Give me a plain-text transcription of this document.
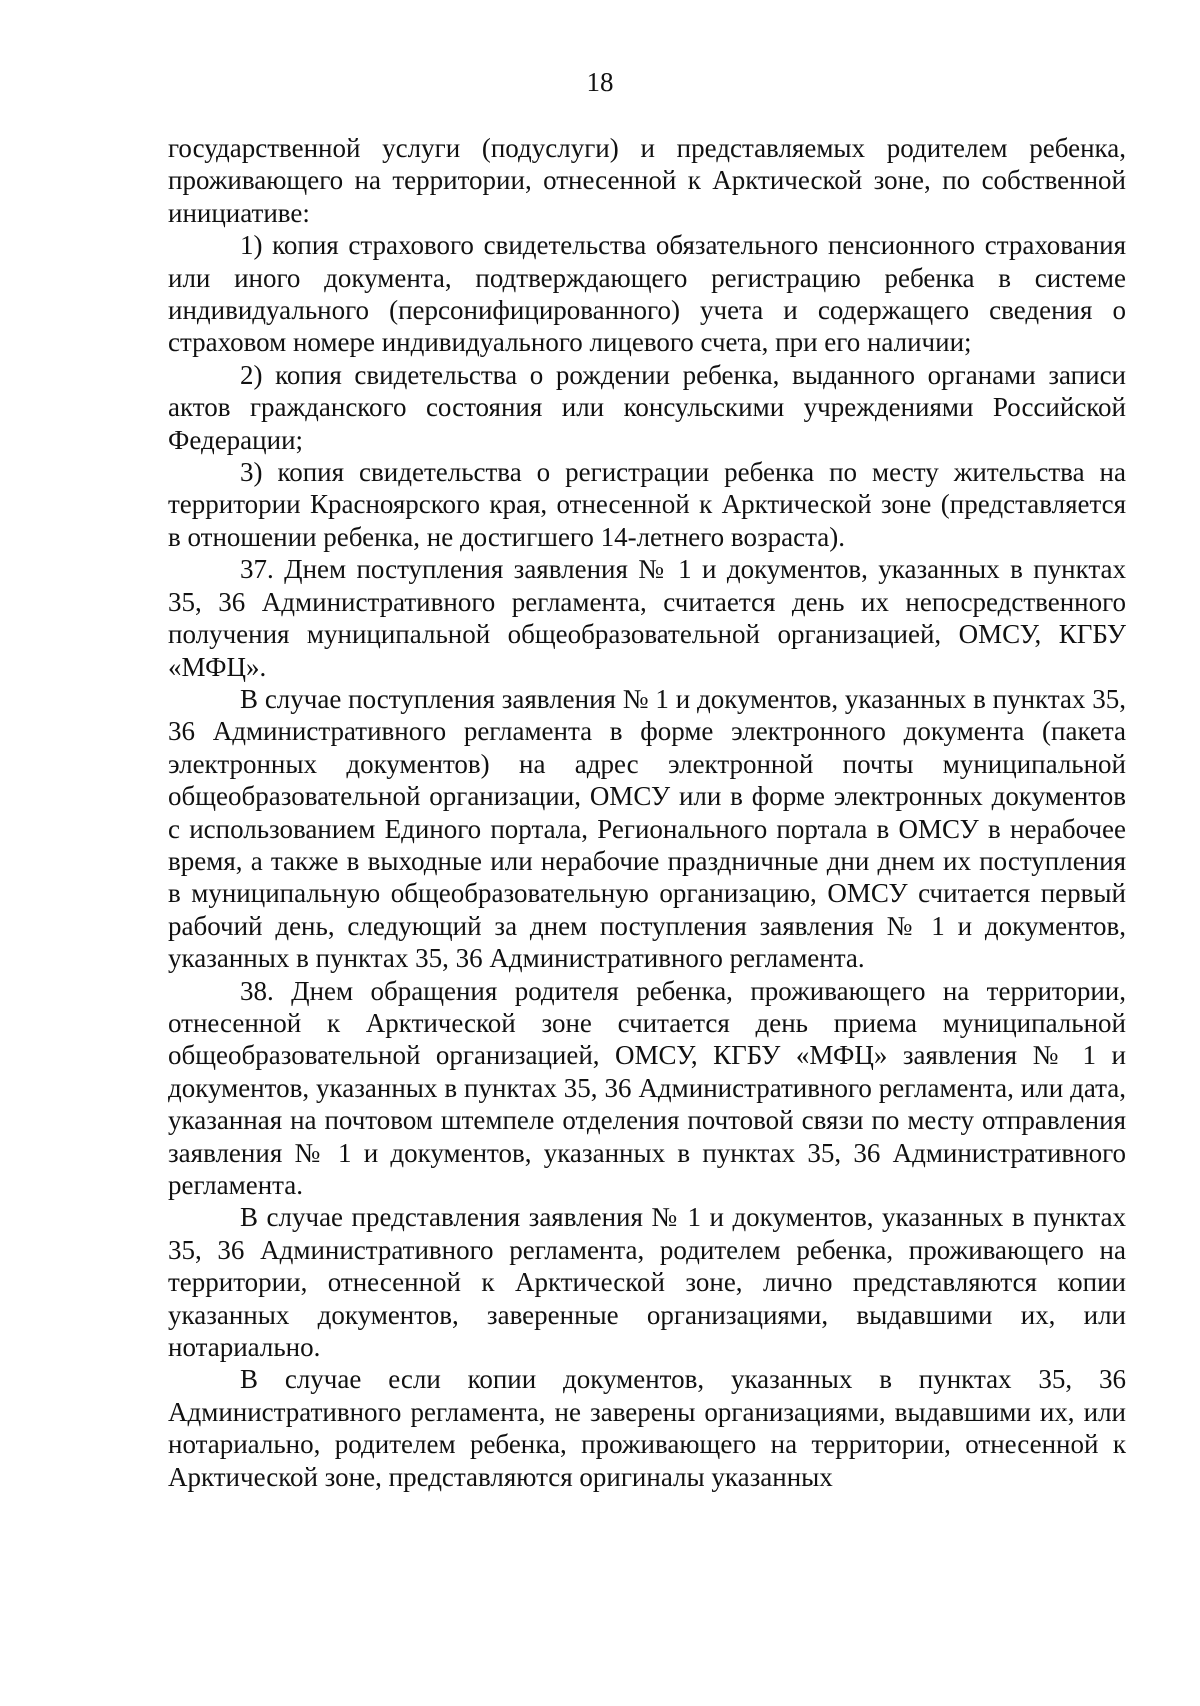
18

государственной услуги (подуслуги) и представляемых родителем ребенка, проживающего на территории, отнесенной к Арктической зоне, по собственной инициативе:

1) копия страхового свидетельства обязательного пенсионного страхования или иного документа, подтверждающего регистрацию ребенка в системе индивидуального (персонифицированного) учета и содержащего сведения о страховом номере индивидуального лицевого счета, при его наличии;

2) копия свидетельства о рождении ребенка, выданного органами записи актов гражданского состояния или консульскими учреждениями Российской Федерации;

3) копия свидетельства о регистрации ребенка по месту жительства на территории Красноярского края, отнесенной к Арктической зоне (представляется в отношении ребенка, не достигшего 14-летнего возраста).

37. Днем поступления заявления № 1 и документов, указанных в пунктах 35, 36 Административного регламента, считается день их непосредственного получения муниципальной общеобразовательной организацией, ОМСУ, КГБУ «МФЦ».

В случае поступления заявления № 1 и документов, указанных в пунктах 35, 36 Административного регламента в форме электронного документа (пакета электронных документов) на адрес электронной почты муниципальной общеобразовательной организации, ОМСУ или в форме электронных документов с использованием Единого портала, Регионального портала в ОМСУ в нерабочее время, а также в выходные или нерабочие праздничные дни днем их поступления в муниципальную общеобразовательную организацию, ОМСУ считается первый рабочий день, следующий за днем поступления заявления № 1 и документов, указанных в пунктах 35, 36 Административного регламента.

38. Днем обращения родителя ребенка, проживающего на территории, отнесенной к Арктической зоне считается день приема муниципальной общеобразовательной организацией, ОМСУ, КГБУ «МФЦ» заявления № 1 и документов, указанных в пунктах 35, 36 Административного регламента, или дата, указанная на почтовом штемпеле отделения почтовой связи по месту отправления заявления № 1 и документов, указанных в пунктах 35, 36 Административного регламента.

В случае представления заявления № 1 и документов, указанных в пунктах 35, 36 Административного регламента, родителем ребенка, проживающего на территории, отнесенной к Арктической зоне, лично представляются копии указанных документов, заверенные организациями, выдавшими их, или нотариально.

В случае если копии документов, указанных в пунктах 35, 36 Административного регламента, не заверены организациями, выдавшими их, или нотариально, родителем ребенка, проживающего на территории, отнесенной к Арктической зоне, представляются оригиналы указанных
